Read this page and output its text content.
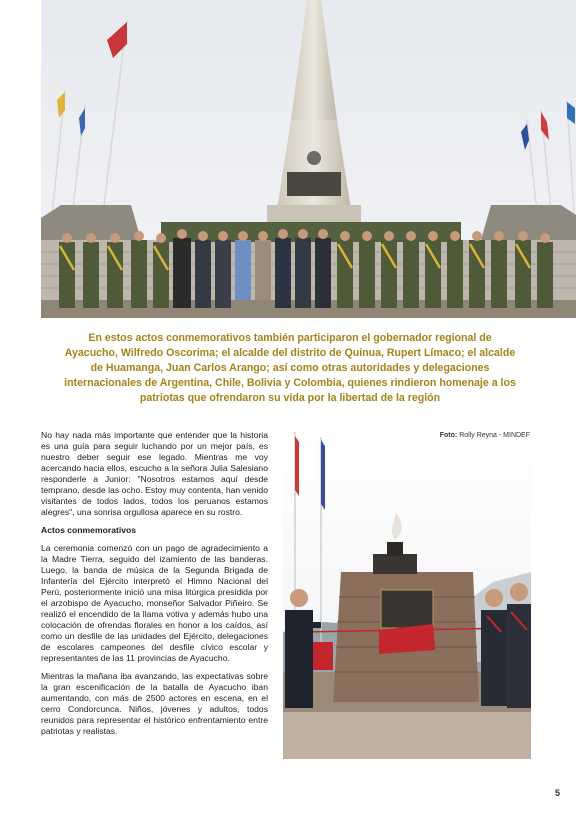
En estos actos conmemorativos también participaron el gobernador regional de Ayacucho, Wilfredo Oscorima; el alcalde del distrito de Quinua, Rupert Límaco; el alcalde de Huamanga, Juan Carlos Arango; así como otras autoridades y delegaciones internacionales de Argentina, Chile, Bolivia y Colombia, quienes rindieron homenaje a los patriotas que ofrendaron su vida por la libertad de la región

No hay nada más importante que entender que la historia es una guía para seguir luchando por un mejor país, es nuestro deber seguir ese legado. Mientras me voy acercando hacia ellos, escucho a la señora Julia Salesiano responderle a Junior: "Nosotros estamos aquí desde temprano, desde las ocho. Estoy muy contenta, han venido visitantes de todos lados, todos los peruanos estamos alegres", una sonrisa orgullosa aparece en su rostro.

Actos conmemorativos

La ceremonia comenzó con un pago de agradecimiento a la Madre Tierra, seguido del izamiento de las banderas. Luego, la banda de música de la Segunda Brigada de Infantería del Ejército interpretó el Himno Nacional del Perú, posteriormente inició una misa litúrgica presidida por el arzobispo de Ayacucho, monseñor Salvador Piñeiro. Se realizó el encendido de la llama votiva y además hubo una colocación de ofrendas florales en honor a los caídos, así como un desfile de las unidades del Ejército, delegaciones de escolares campeones del desfile cívico escolar y representantes de las 11 provincias de Ayacucho.

Mientras la mañana iba avanzando, las expectativas sobre la gran escenificación de la batalla de Ayacucho iban aumentando, con más de 2500 actores en escena, en el cerro Condorcunca. Niños, jóvenes y adultos, todos reunidos para representar el histórico enfrentamiento entre patriotas y realistas.

Foto: Rolly Reyna - MINDEF
5
